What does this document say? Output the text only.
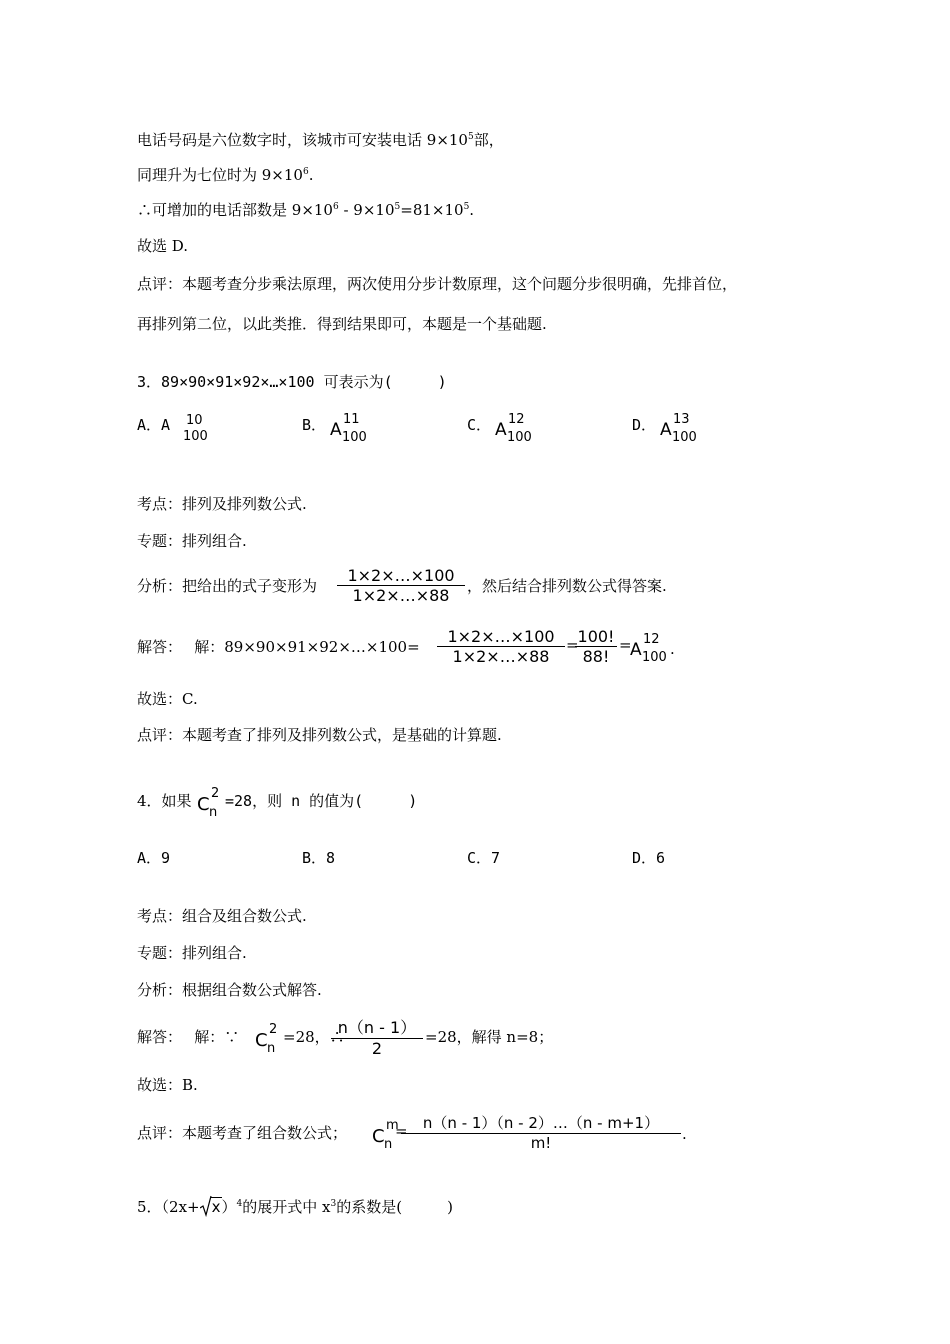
电话号码是六位数字时，该城市可安装电话 $9\times 10^5$部，
同理升为七位时为 $9\times 10^6$.
∴可增加的电话部数是 $9\times 10^6 - 9\times 10^5=81\times 10^5$.
故选 D.
点评：本题考查分步乘法原理，两次使用分步计数原理，这个问题分步很明确，先排首位，
再排列第二位，以此类推．得到结果即可，本题是一个基础题.
3．89×90×91×92×…×100 可表示为(　　　)
A．A 10
100
B． A
11
100
C． A
12
100
D． A
13
100
考点：排列及排列数公式.
专题：排列组合.
分析：把给出的式子变形为
1×2×…×100
1×2×…×88	，然后结合排列数公式得答案.
解答：　 解：89×90×91×92×…×100=
1×2×…×100
1×2×…×88
=
100!
88!
=
A
12
100 .
故选：C.
点评：本题考查了排列及排列数公式，是基础的计算题.
4．如果 C
2
n
=28，则 n 的值为(　　　)
A．9	B．8	C．7	D．6
考点：组合及组合数公式.
专题：排列组合.
分析：根据组合数公式解答.
解答：　 解：∵ C
2
n
=28，∴
n（n - 1）
2
=28，解得 n=8；
故选：B.
点评：本题考查了组合数公式； C
m
n
=	n（n - 1）（n - 2）…（n - m+1）
m!	.
5．$(2x+ x)^4$的展开式中 $x^3$的系数是(　　　)
